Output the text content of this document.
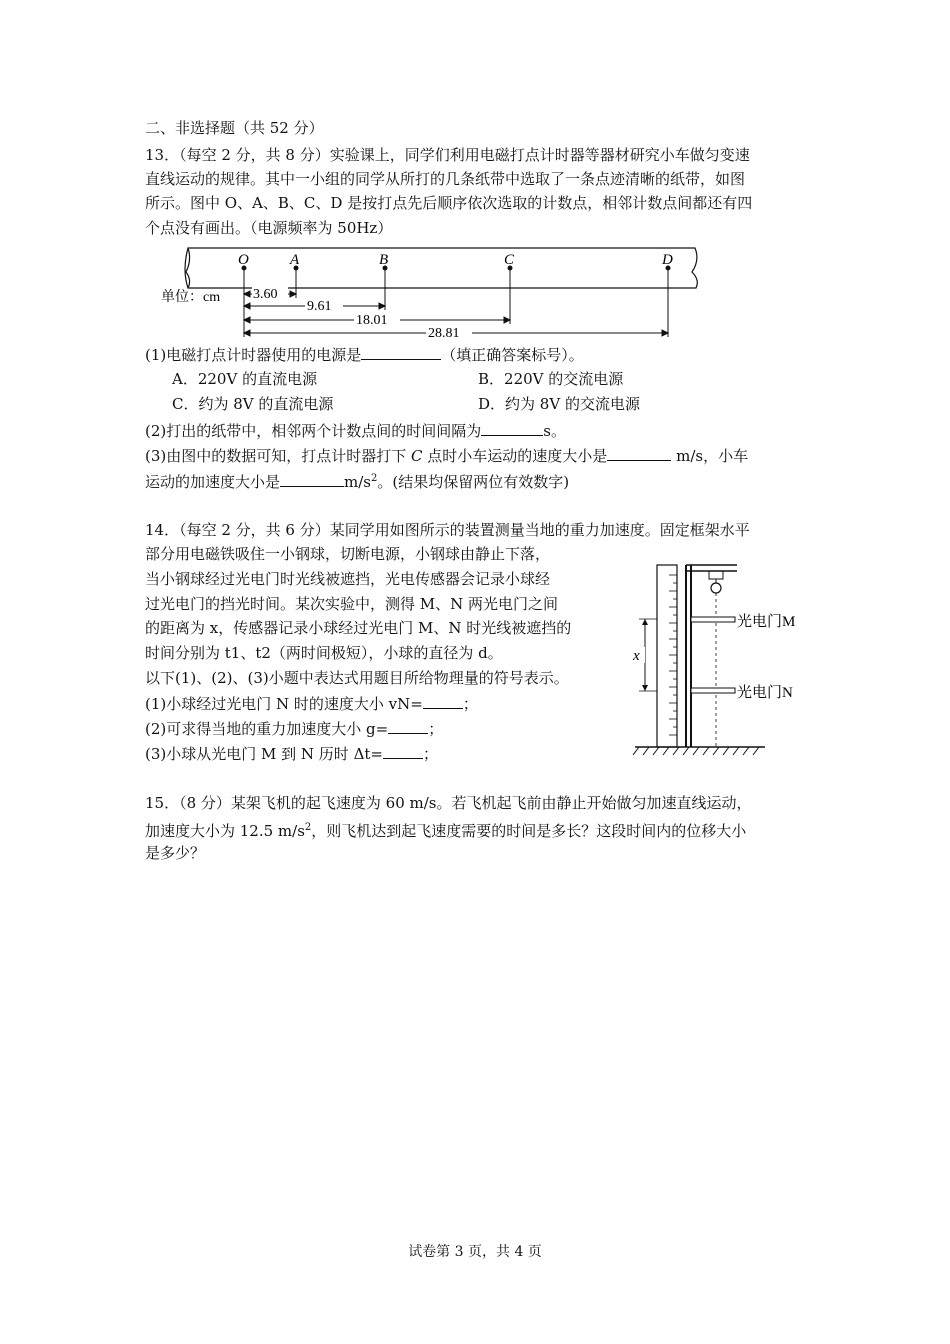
二、非选择题（共 52 分）
13．（每空 2 分，共 8 分）实验课上，同学们利用电磁打点计时器等器材研究小车做匀变速
直线运动的规律。其中一小组的同学从所打的几条纸带中选取了一条点迹清晰的纸带，如图
所示。图中 O、A、B、C、D 是按打点先后顺序依次选取的计数点，相邻计数点间都还有四
个点没有画出。（电源频率为 50Hz）
O	A	B	C	D
3.60
9.61
18.01
28.81
单位：cm
(1)电磁打点计时器使用的电源是	（填正确答案标号）。
A．220V 的直流电源	B．220V 的交流电源
C．约为 8V 的直流电源	D．约为 8V 的交流电源
(2)打出的纸带中，相邻两个计数点间的时间间隔为	s。
(3)由图中的数据可知，打点计时器打下 C 点时小车运动的速度大小是	m/s，小车
运动的加速度大小是	$m/s^2$。(结果均保留两位有效数字)
14．（每空 2 分，共 6 分）某同学用如图所示的装置测量当地的重力加速度。固定框架水平
部分用电磁铁吸住一小钢球，切断电源，小钢球由静止下落，
当小钢球经过光电门时光线被遮挡，光电传感器会记录小球经
过光电门的挡光时间。某次实验中，测得 M、N 两光电门之间
的距离为 x，传感器记录小球经过光电门 M、N 时光线被遮挡的
时间分别为 t1、t2（两时间极短），小球的直径为 d。
以下(1)、(2)、(3)小题中表达式用题目所给物理量的符号表示。
(1)小球经过光电门 N 时的速度大小 vN=	；
(2)可求得当地的重力加速度大小 g=	；
(3)小球从光电门 M 到 N 历时 Δt=	；
光电门M
光电门N
x
15．（8 分）某架飞机的起飞速度为 60 m/s。若飞机起飞前由静止开始做匀加速直线运动，
加速度大小为 12.5 $m/s^2$，则飞机达到起飞速度需要的时间是多长？这段时间内的位移大小
是多少？
试卷第 3 页，共 4 页
